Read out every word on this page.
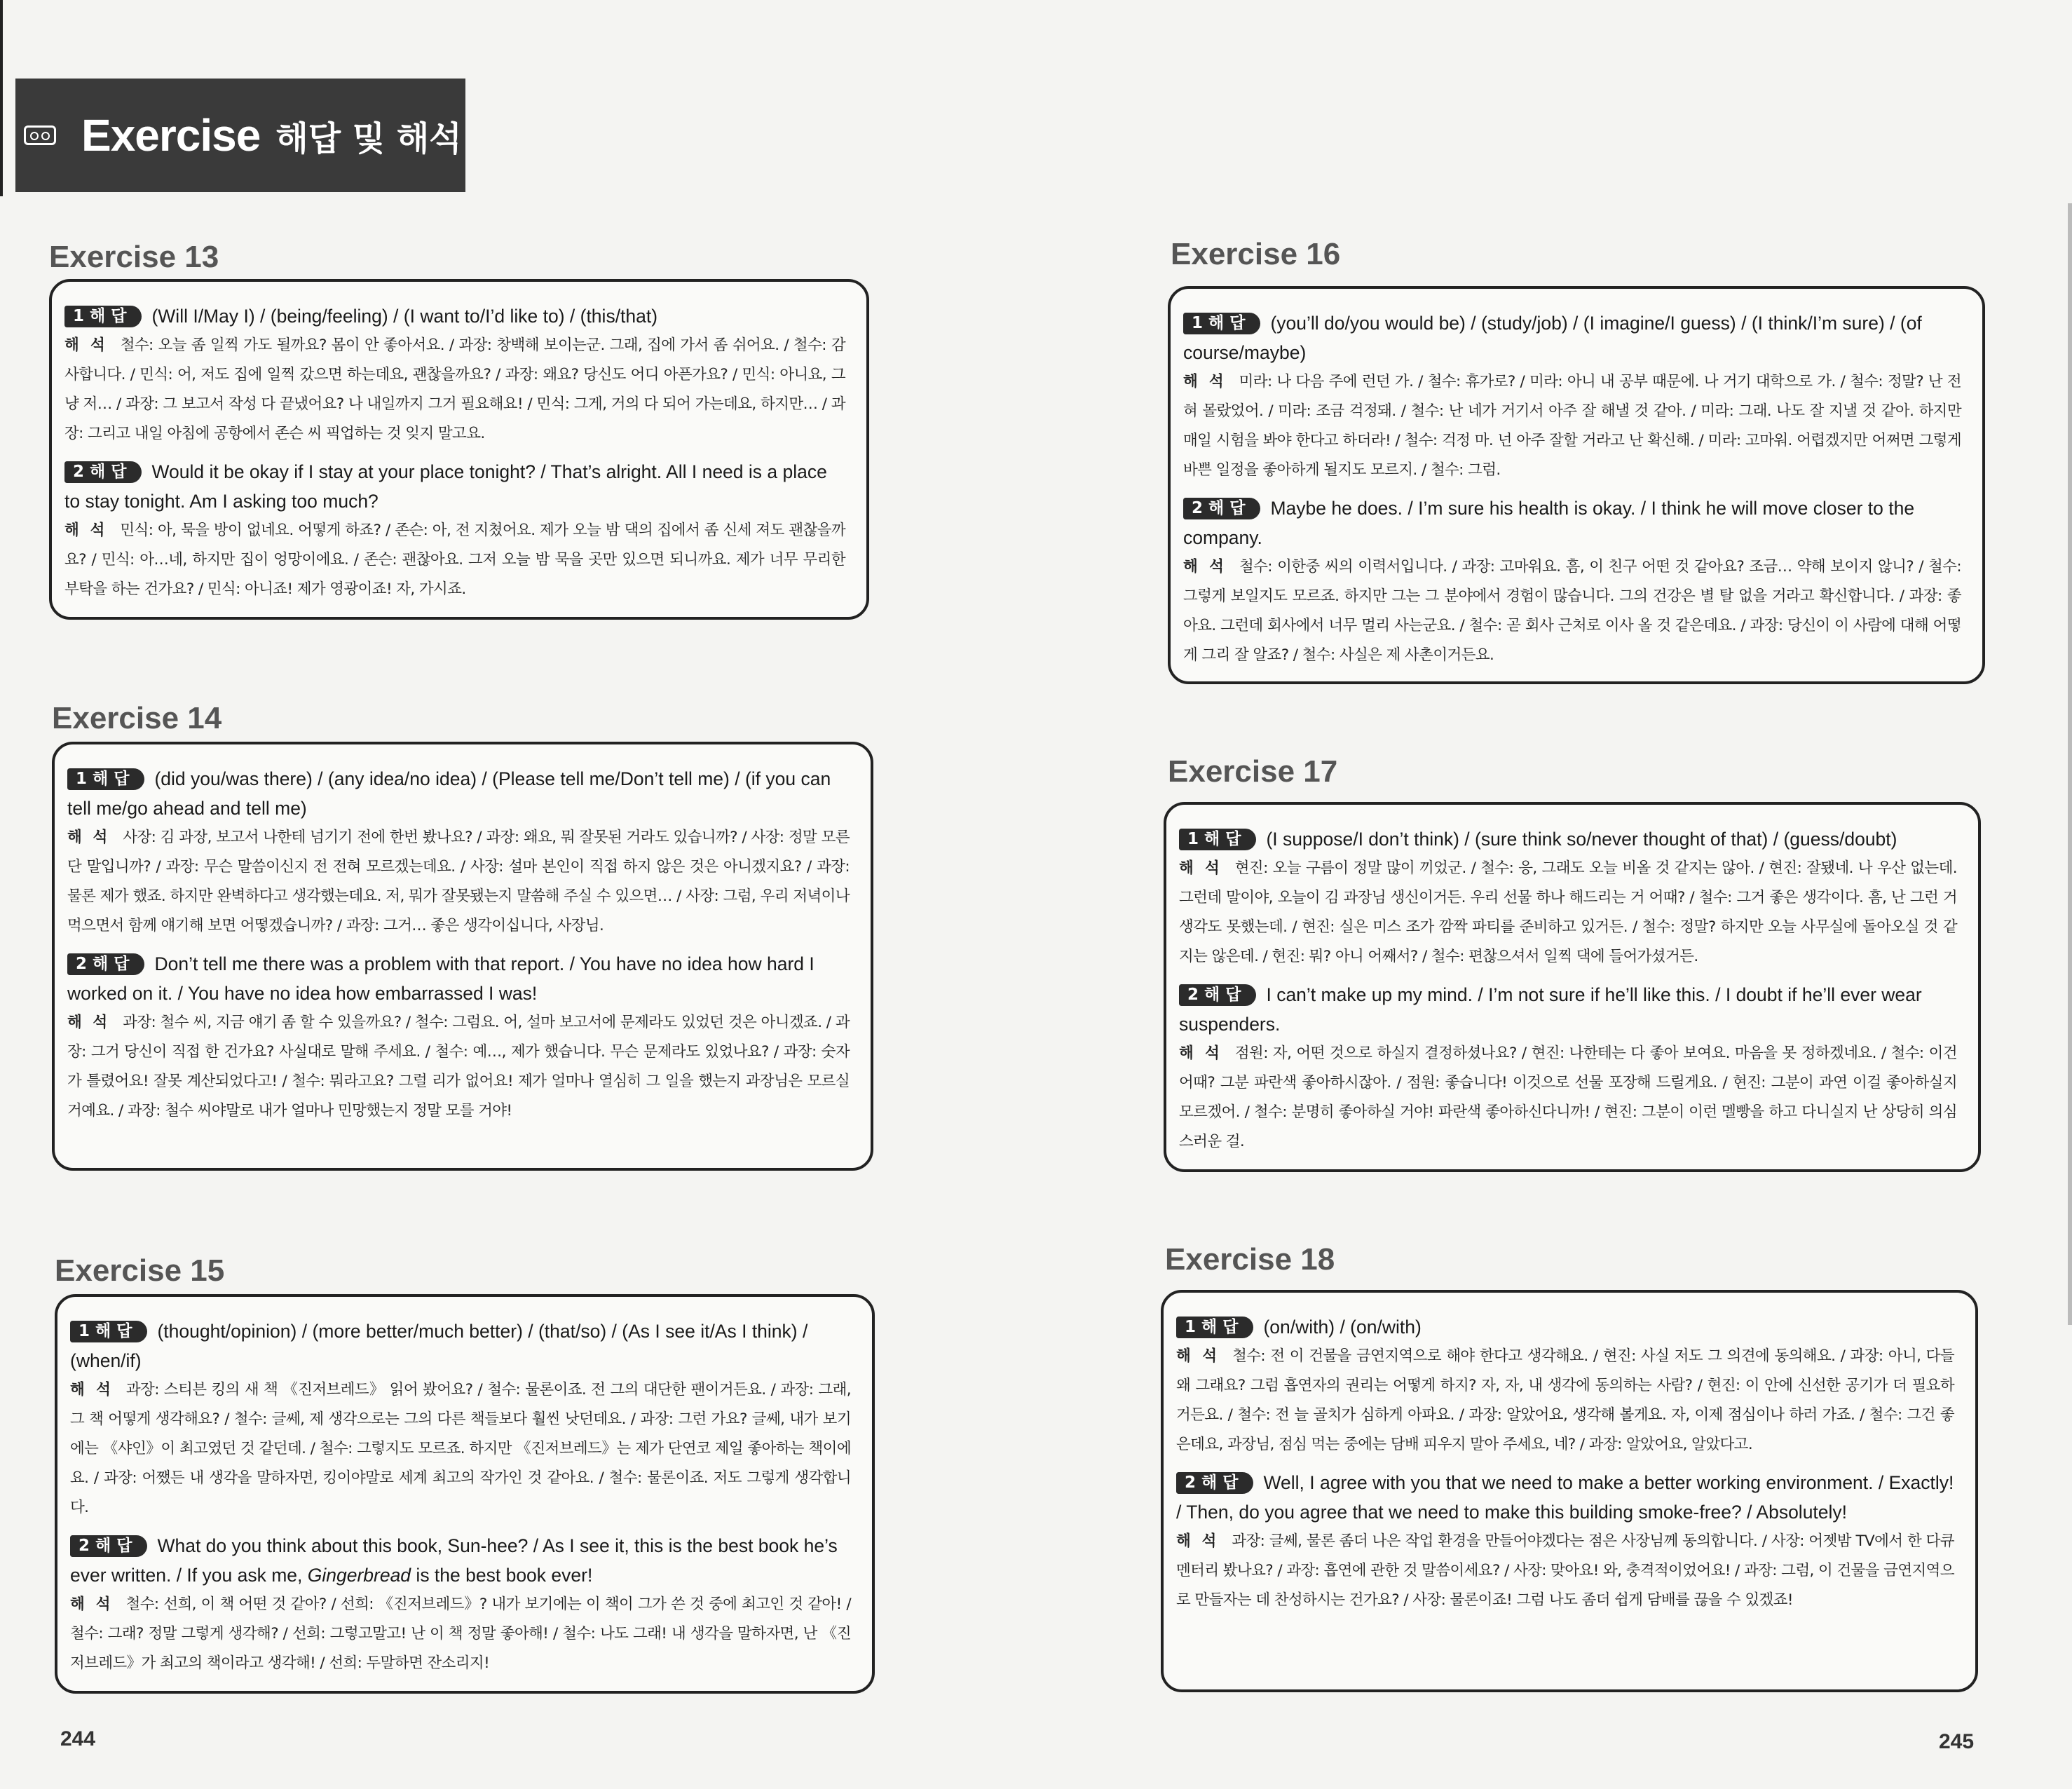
Exercise 해답 및 해석
Exercise 13

1 해 답 (Will I/May I) / (being/feeling) / (I want to/I’d like to) / (this/that)

해 석 철수: 오늘 좀 일찍 가도 될까요? 몸이 안 좋아서요. / 과장: 창백해 보이는군. 그래, 집에 가서 좀 쉬어요. / 철수: 감사합니다. / 민식: 어, 저도 집에 일찍 갔으면 하는데요, 괜찮을까요? / 과장: 왜요? 당신도 어디 아픈가요? / 민식: 아니요, 그냥 저… / 과장: 그 보고서 작성 다 끝냈어요? 나 내일까지 그거 필요해요! / 민식: 그게, 거의 다 되어 가는데요, 하지만… / 과장: 그리고 내일 아침에 공항에서 존슨 씨 픽업하는 것 잊지 말고요.

2 해 답 Would it be okay if I stay at your place tonight? / That’s alright. All I need is a place to stay tonight. Am I asking too much?

해 석 민식: 아, 묵을 방이 없네요. 어떻게 하죠? / 존슨: 아, 전 지쳤어요. 제가 오늘 밤 댁의 집에서 좀 신세 져도 괜찮을까요? / 민식: 아…네, 하지만 집이 엉망이에요. / 존슨: 괜찮아요. 그저 오늘 밤 묵을 곳만 있으면 되니까요. 제가 너무 무리한 부탁을 하는 건가요? / 민식: 아니죠! 제가 영광이죠! 자, 가시죠.

Exercise 14

1 해 답 (did you/was there) / (any idea/no idea) / (Please tell me/Don’t tell me) / (if you can tell me/go ahead and tell me)

해 석 사장: 김 과장, 보고서 나한테 넘기기 전에 한번 봤나요? / 과장: 왜요, 뭐 잘못된 거라도 있습니까? / 사장: 정말 모른단 말입니까? / 과장: 무슨 말씀이신지 전 전혀 모르겠는데요. / 사장: 설마 본인이 직접 하지 않은 것은 아니겠지요? / 과장: 물론 제가 했죠. 하지만 완벽하다고 생각했는데요. 저, 뭐가 잘못됐는지 말씀해 주실 수 있으면… / 사장: 그럼, 우리 저녁이나 먹으면서 함께 얘기해 보면 어떻겠습니까? / 과장: 그거… 좋은 생각이십니다, 사장님.

2 해 답 Don’t tell me there was a problem with that report. / You have no idea how hard I worked on it. / You have no idea how embarrassed I was!

해 석 과장: 철수 씨, 지금 얘기 좀 할 수 있을까요? / 철수: 그럼요. 어, 설마 보고서에 문제라도 있었던 것은 아니겠죠. / 과장: 그거 당신이 직접 한 건가요? 사실대로 말해 주세요. / 철수: 예…, 제가 했습니다. 무슨 문제라도 있었나요? / 과장: 숫자가 틀렸어요! 잘못 계산되었다고! / 철수: 뭐라고요? 그럴 리가 없어요! 제가 얼마나 열심히 그 일을 했는지 과장님은 모르실 거예요. / 과장: 철수 씨야말로 내가 얼마나 민망했는지 정말 모를 거야!

Exercise 15

1 해 답 (thought/opinion) / (more better/much better) / (that/so) / (As I see it/As I think) / (when/if)

해 석 과장: 스티븐 킹의 새 책 《진저브레드》 읽어 봤어요? / 철수: 물론이죠. 전 그의 대단한 팬이거든요. / 과장: 그래, 그 책 어떻게 생각해요? / 철수: 글쎄, 제 생각으로는 그의 다른 책들보다 훨씬 낫던데요. / 과장: 그런 가요? 글쎄, 내가 보기에는 《샤인》이 최고였던 것 같던데. / 철수: 그렇지도 모르죠. 하지만 《진저브레드》는 제가 단연코 제일 좋아하는 책이에요. / 과장: 어쨌든 내 생각을 말하자면, 킹이야말로 세계 최고의 작가인 것 같아요. / 철수: 물론이죠. 저도 그렇게 생각합니다.

2 해 답 What do you think about this book, Sun-hee? / As I see it, this is the best book he’s ever written. / If you ask me, Gingerbread is the best book ever!

해 석 철수: 선희, 이 책 어떤 것 같아? / 선희: 《진저브레드》? 내가 보기에는 이 책이 그가 쓴 것 중에 최고인 것 같아! / 철수: 그래? 정말 그렇게 생각해? / 선희: 그렇고말고! 난 이 책 정말 좋아해! / 철수: 나도 그래! 내 생각을 말하자면, 난 《진저브레드》가 최고의 책이라고 생각해! / 선희: 두말하면 잔소리지!

Exercise 16

1 해 답 (you’ll do/you would be) / (study/job) / (I imagine/I guess) / (I think/I’m sure) / (of course/maybe)

해 석 미라: 나 다음 주에 런던 가. / 철수: 휴가로? / 미라: 아니 내 공부 때문에. 나 거기 대학으로 가. / 철수: 정말? 난 전혀 몰랐었어. / 미라: 조금 걱정돼. / 철수: 난 네가 거기서 아주 잘 해낼 것 같아. / 미라: 그래. 나도 잘 지낼 것 같아. 하지만 매일 시험을 봐야 한다고 하더라! / 철수: 걱정 마. 넌 아주 잘할 거라고 난 확신해. / 미라: 고마워. 어렵겠지만 어쩌면 그렇게 바쁜 일정을 좋아하게 될지도 모르지. / 철수: 그럼.

2 해 답 Maybe he does. / I’m sure his health is okay. / I think he will move closer to the company.

해 석 철수: 이한중 씨의 이력서입니다. / 과장: 고마워요. 흠, 이 친구 어떤 것 같아요? 조금… 약해 보이지 않니? / 철수: 그렇게 보일지도 모르죠. 하지만 그는 그 분야에서 경험이 많습니다. 그의 건강은 별 탈 없을 거라고 확신합니다. / 과장: 좋아요. 그런데 회사에서 너무 멀리 사는군요. / 철수: 곧 회사 근처로 이사 올 것 같은데요. / 과장: 당신이 이 사람에 대해 어떻게 그리 잘 알죠? / 철수: 사실은 제 사촌이거든요.

Exercise 17

1 해 답 (I suppose/I don’t think) / (sure think so/never thought of that) / (guess/doubt)

해 석 현진: 오늘 구름이 정말 많이 끼었군. / 철수: 응, 그래도 오늘 비올 것 같지는 않아. / 현진: 잘됐네. 나 우산 없는데. 그런데 말이야, 오늘이 김 과장님 생신이거든. 우리 선물 하나 해드리는 거 어때? / 철수: 그거 좋은 생각이다. 흠, 난 그런 거 생각도 못했는데. / 현진: 실은 미스 조가 깜짝 파티를 준비하고 있거든. / 철수: 정말? 하지만 오늘 사무실에 돌아오실 것 같지는 않은데. / 현진: 뭐? 아니 어째서? / 철수: 편찮으셔서 일찍 댁에 들어가셨거든.

2 해 답 I can’t make up my mind. / I’m not sure if he’ll like this. / I doubt if he’ll ever wear suspenders.

해 석 점원: 자, 어떤 것으로 하실지 결정하셨나요? / 현진: 나한테는 다 좋아 보여요. 마음을 못 정하겠네요. / 철수: 이건 어때? 그분 파란색 좋아하시잖아. / 점원: 좋습니다! 이것으로 선물 포장해 드릴게요. / 현진: 그분이 과연 이걸 좋아하실지 모르겠어. / 철수: 분명히 좋아하실 거야! 파란색 좋아하신다니까! / 현진: 그분이 이런 멜빵을 하고 다니실지 난 상당히 의심스러운 걸.

Exercise 18

1 해 답 (on/with) / (on/with)

해 석 철수: 전 이 건물을 금연지역으로 해야 한다고 생각해요. / 현진: 사실 저도 그 의견에 동의해요. / 과장: 아니, 다들 왜 그래요? 그럼 흡연자의 권리는 어떻게 하지? 자, 자, 내 생각에 동의하는 사람? / 현진: 이 안에 신선한 공기가 더 필요하거든요. / 철수: 전 늘 골치가 심하게 아파요. / 과장: 알았어요, 생각해 볼게요. 자, 이제 점심이나 하러 가죠. / 철수: 그건 좋은데요, 과장님, 점심 먹는 중에는 담배 피우지 말아 주세요, 네? / 과장: 알았어요, 알았다고.

2 해 답 Well, I agree with you that we need to make a better working environment. / Exactly! / Then, do you agree that we need to make this building smoke-free? / Absolutely!

해 석 과장: 글쎄, 물론 좀더 나은 작업 환경을 만들어야겠다는 점은 사장님께 동의합니다. / 사장: 어젯밤 TV에서 한 다큐멘터리 봤나요? / 과장: 흡연에 관한 것 말씀이세요? / 사장: 맞아요! 와, 충격적이었어요! / 과장: 그럼, 이 건물을 금연지역으로 만들자는 데 찬성하시는 건가요? / 사장: 물론이죠! 그럼 나도 좀더 쉽게 담배를 끊을 수 있겠죠!

244	245
